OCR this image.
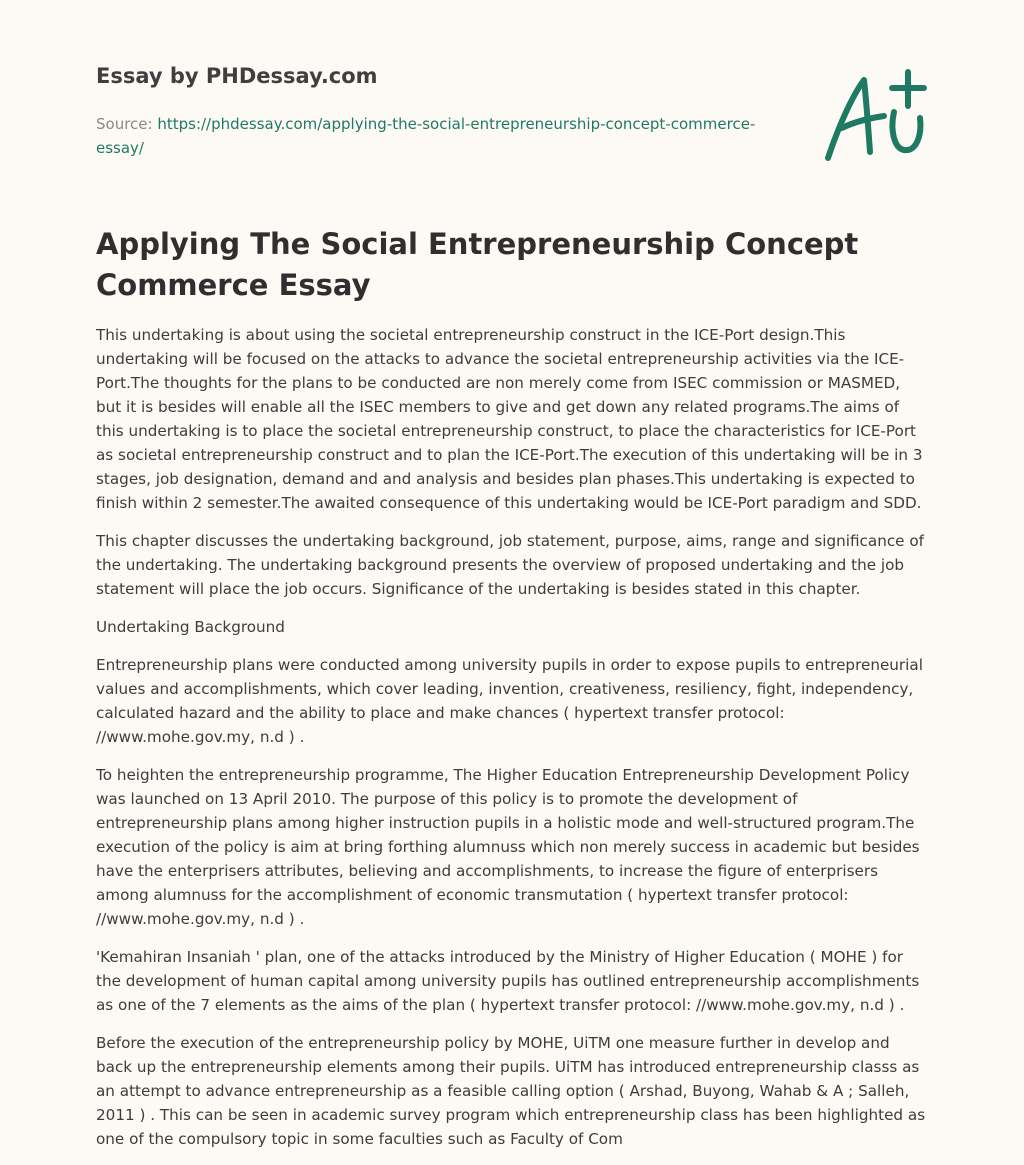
Essay by PHDessay.com
Source: https://phdessay.com/applying-the-social-entrepreneurship-concept-commerce-essay/
Applying The Social Entrepreneurship Concept Commerce Essay

This undertaking is about using the societal entrepreneurship construct in the ICE-Port design.This undertaking will be focused on the attacks to advance the societal entrepreneurship activities via the ICE-Port.The thoughts for the plans to be conducted are non merely come from ISEC commission or MASMED, but it is besides will enable all the ISEC members to give and get down any related programs.The aims of this undertaking is to place the societal entrepreneurship construct, to place the characteristics for ICE-Port as societal entrepreneurship construct and to plan the ICE-Port.The execution of this undertaking will be in 3 stages, job designation, demand and and analysis and besides plan phases.This undertaking is expected to finish within 2 semester.The awaited consequence of this undertaking would be ICE-Port paradigm and SDD.

This chapter discusses the undertaking background, job statement, purpose, aims, range and significance of the undertaking. The undertaking background presents the overview of proposed undertaking and the job statement will place the job occurs. Significance of the undertaking is besides stated in this chapter.

Undertaking Background

Entrepreneurship plans were conducted among university pupils in order to expose pupils to entrepreneurial values and accomplishments, which cover leading, invention, creativeness, resiliency, fight, independency, calculated hazard and the ability to place and make chances ( hypertext transfer protocol: //www.mohe.gov.my, n.d ) .

To heighten the entrepreneurship programme, The Higher Education Entrepreneurship Development Policy was launched on 13 April 2010. The purpose of this policy is to promote the development of entrepreneurship plans among higher instruction pupils in a holistic mode and well-structured program.The execution of the policy is aim at bring forthing alumnuss which non merely success in academic but besides have the enterprisers attributes, believing and accomplishments, to increase the figure of enterprisers among alumnuss for the accomplishment of economic transmutation ( hypertext transfer protocol: //www.mohe.gov.my, n.d ) .

'Kemahiran Insaniah ' plan, one of the attacks introduced by the Ministry of Higher Education ( MOHE ) for the development of human capital among university pupils has outlined entrepreneurship accomplishments as one of the 7 elements as the aims of the plan ( hypertext transfer protocol: //www.mohe.gov.my, n.d ) .

Before the execution of the entrepreneurship policy by MOHE, UiTM one measure further in develop and back up the entrepreneurship elements among their pupils. UiTM has introduced entrepreneurship classs as an attempt to advance entrepreneurship as a feasible calling option ( Arshad, Buyong, Wahab & A ; Salleh, 2011 ) . This can be seen in academic survey program which entrepreneurship class has been highlighted as one of the compulsory topic in some faculties such as Faculty of Com
